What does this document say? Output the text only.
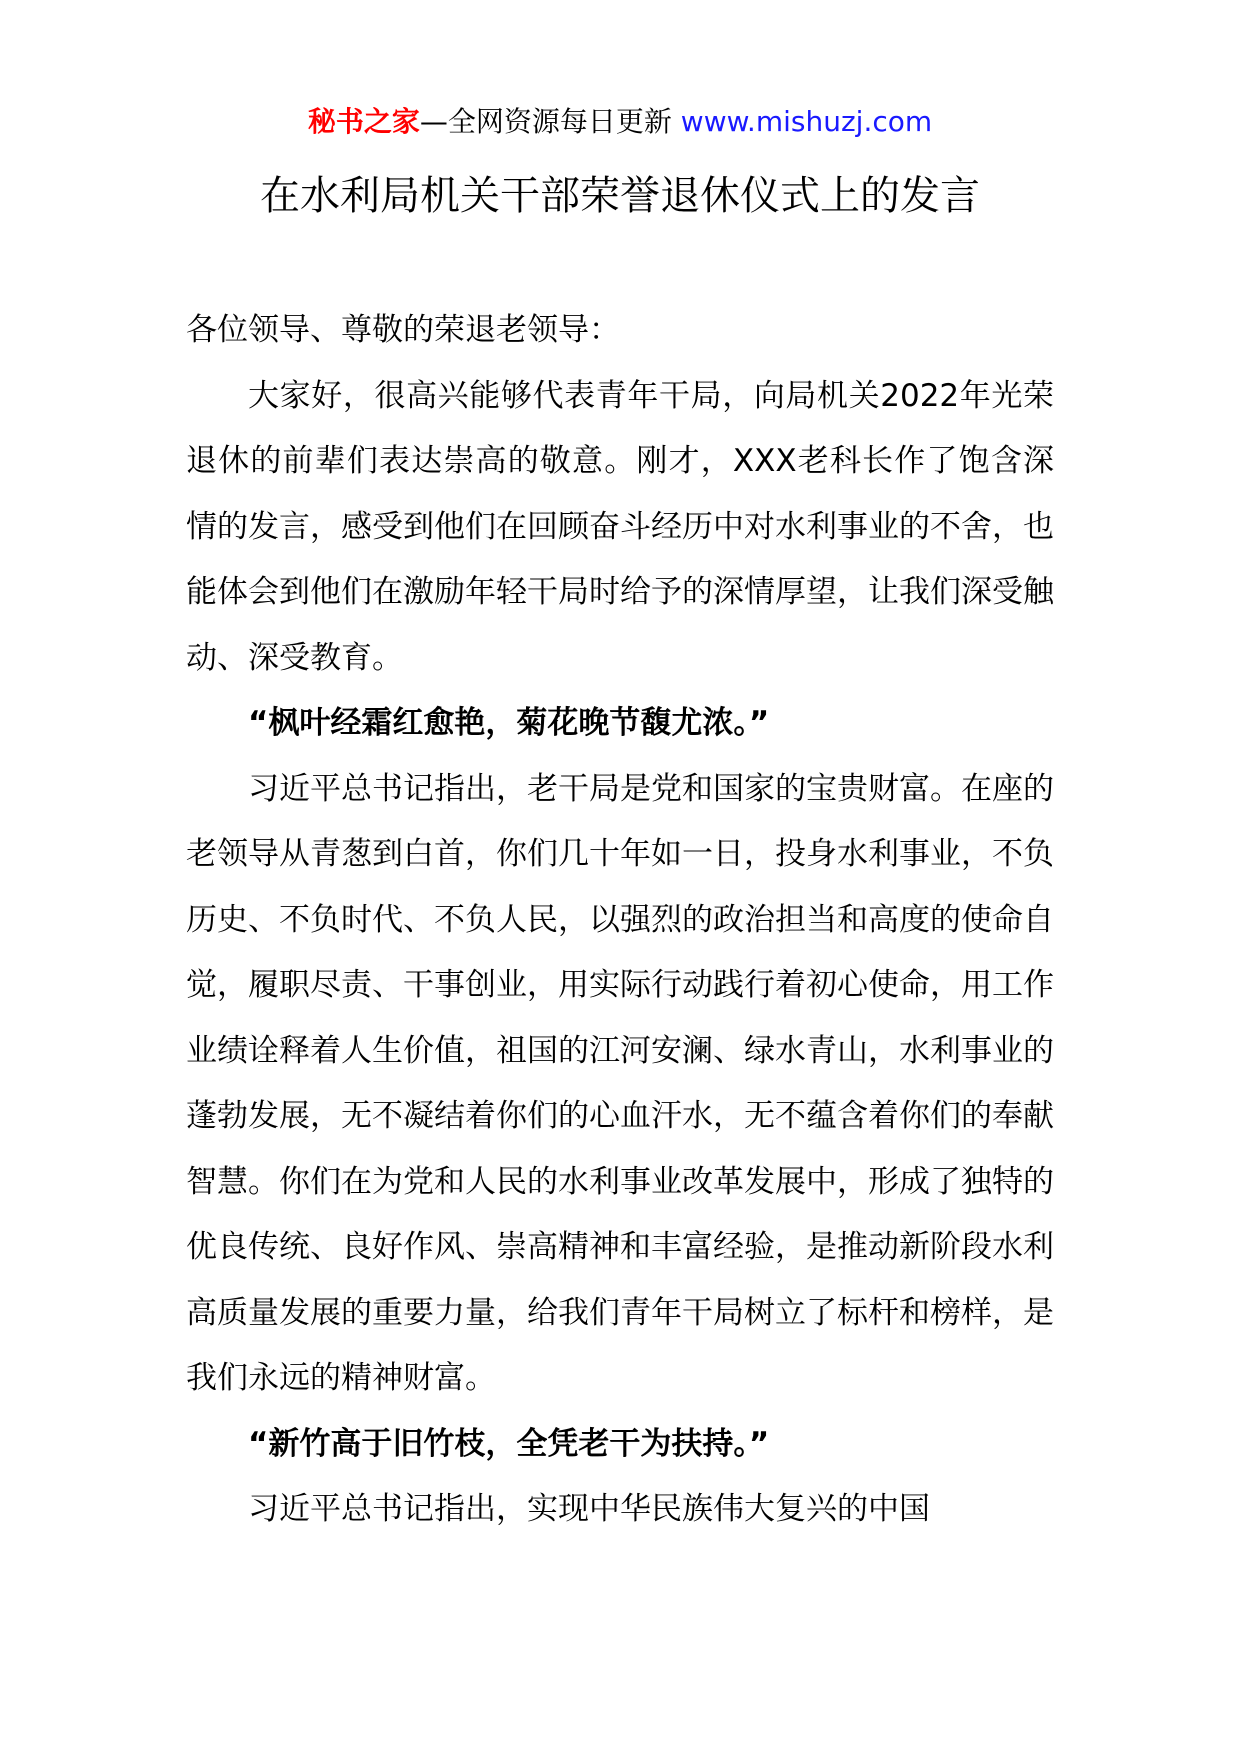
秘书之家—全网资源每日更新 www.mishuzj.com
在水利局机关干部荣誉退休仪式上的发言

各位领导、尊敬的荣退老领导：

大家好，很高兴能够代表青年干局，向局机关2022年光荣退休的前辈们表达崇高的敬意。刚才，XXX老科长作了饱含深情的发言，感受到他们在回顾奋斗经历中对水利事业的不舍，也能体会到他们在激励年轻干局时给予的深情厚望，让我们深受触动、深受教育。

“枫叶经霜红愈艳，菊花晚节馥尤浓。”

习近平总书记指出，老干局是党和国家的宝贵财富。在座的老领导从青葱到白首，你们几十年如一日，投身水利事业，不负历史、不负时代、不负人民，以强烈的政治担当和高度的使命自觉，履职尽责、干事创业，用实际行动践行着初心使命，用工作业绩诠释着人生价值，祖国的江河安澜、绿水青山，水利事业的蓬勃发展，无不凝结着你们的心血汗水，无不蕴含着你们的奉献智慧。你们在为党和人民的水利事业改革发展中，形成了独特的优良传统、良好作风、崇高精神和丰富经验，是推动新阶段水利高质量发展的重要力量，给我们青年干局树立了标杆和榜样，是我们永远的精神财富。

“新竹高于旧竹枝，全凭老干为扶持。”

习近平总书记指出，实现中华民族伟大复兴的中国
